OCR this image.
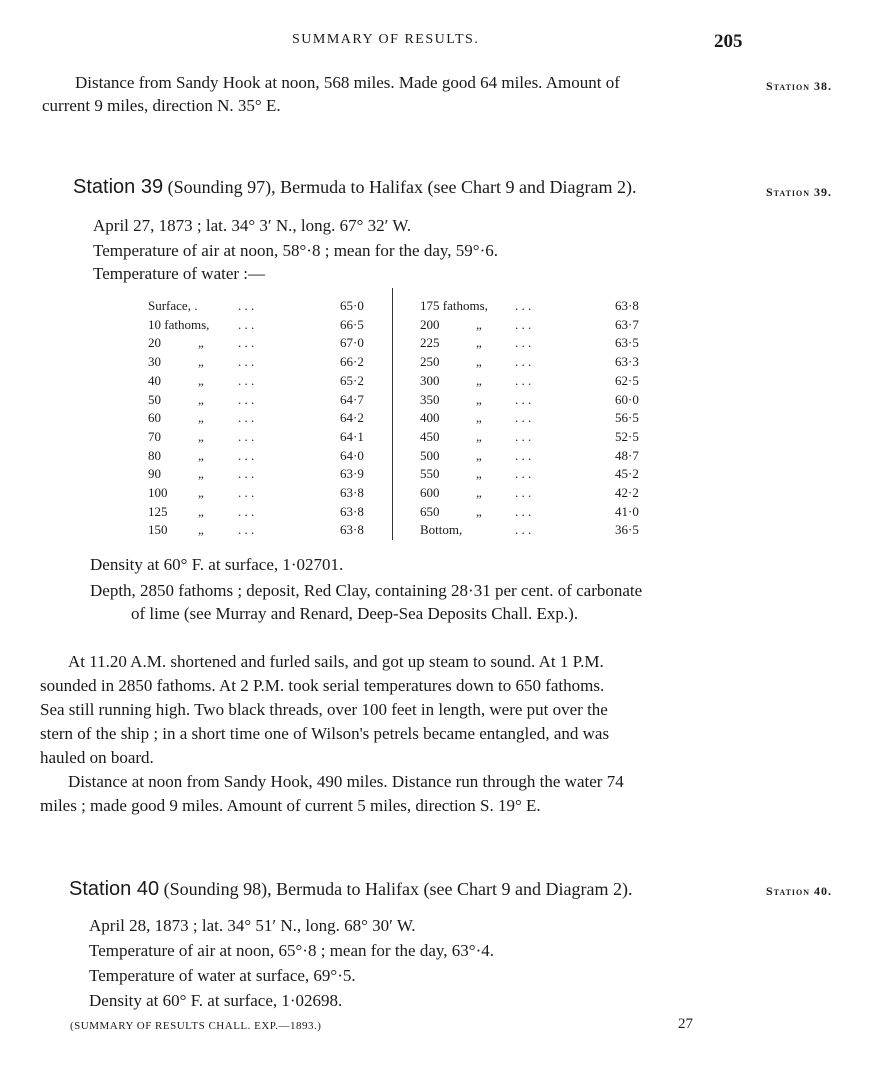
SUMMARY OF RESULTS.	205
Distance from Sandy Hook at noon, 568 miles. Made good 64 miles. Amount of
current 9 miles, direction N. 35° E.
Station 38.
Station 39 (Sounding 97), Bermuda to Halifax (see Chart 9 and Diagram 2).	Station 39.
April 27, 1873 ; lat. 34° 3′ N., long. 67° 32′ W.
Temperature of air at noon, 58°·8 ; mean for the day, 59°·6.
Temperature of water :—
Surface, .	. . .	65·0
10 fathoms, . . .	66·5
20	„	. . .	67·0
30	„	. . .	66·2
40	„	. . .	65·2
50	„	. . .	64·7
60	„	. . .	64·2
70	„	. . .	64·1
80	„	. . .	64·0
90	„	. . .	63·9
100 „	. . .	63·8
125 „	. . .	63·8
150 „	. . .	63·8
175 fathoms, . . .	63·8
200	„	. . .	63·7
225	„	. . .	63·5
250	„	. . .	63·3
300	„	. . .	62·5
350	„	. . .	60·0
400	„	. . .	56·5
450	„	. . .	52·5
500	„	. . .	48·7
550	„	. . .	45·2
600	„	. . .	42·2
650	„	. . .	41·0
Bottom,	. . .	36·5
Density at 60° F. at surface, 1·02701.
Depth, 2850 fathoms ; deposit, Red Clay, containing 28·31 per cent. of carbonate
of lime (see Murray and Renard, Deep-Sea Deposits Chall. Exp.).
At 11.20 A.M. shortened and furled sails, and got up steam to sound. At 1 P.M.
sounded in 2850 fathoms. At 2 P.M. took serial temperatures down to 650 fathoms.
Sea still running high. Two black threads, over 100 feet in length, were put over the
stern of the ship ; in a short time one of Wilson's petrels became entangled, and was
hauled on board.
Distance at noon from Sandy Hook, 490 miles. Distance run through the water 74
miles ; made good 9 miles. Amount of current 5 miles, direction S. 19° E.
Station 40 (Sounding 98), Bermuda to Halifax (see Chart 9 and Diagram 2).	Station 40.
April 28, 1873 ; lat. 34° 51′ N., long. 68° 30′ W.
Temperature of air at noon, 65°·8 ; mean for the day, 63°·4.
Temperature of water at surface, 69°·5.
Density at 60° F. at surface, 1·02698.
(SUMMARY OF RESULTS CHALL. EXP.—1893.)	27
